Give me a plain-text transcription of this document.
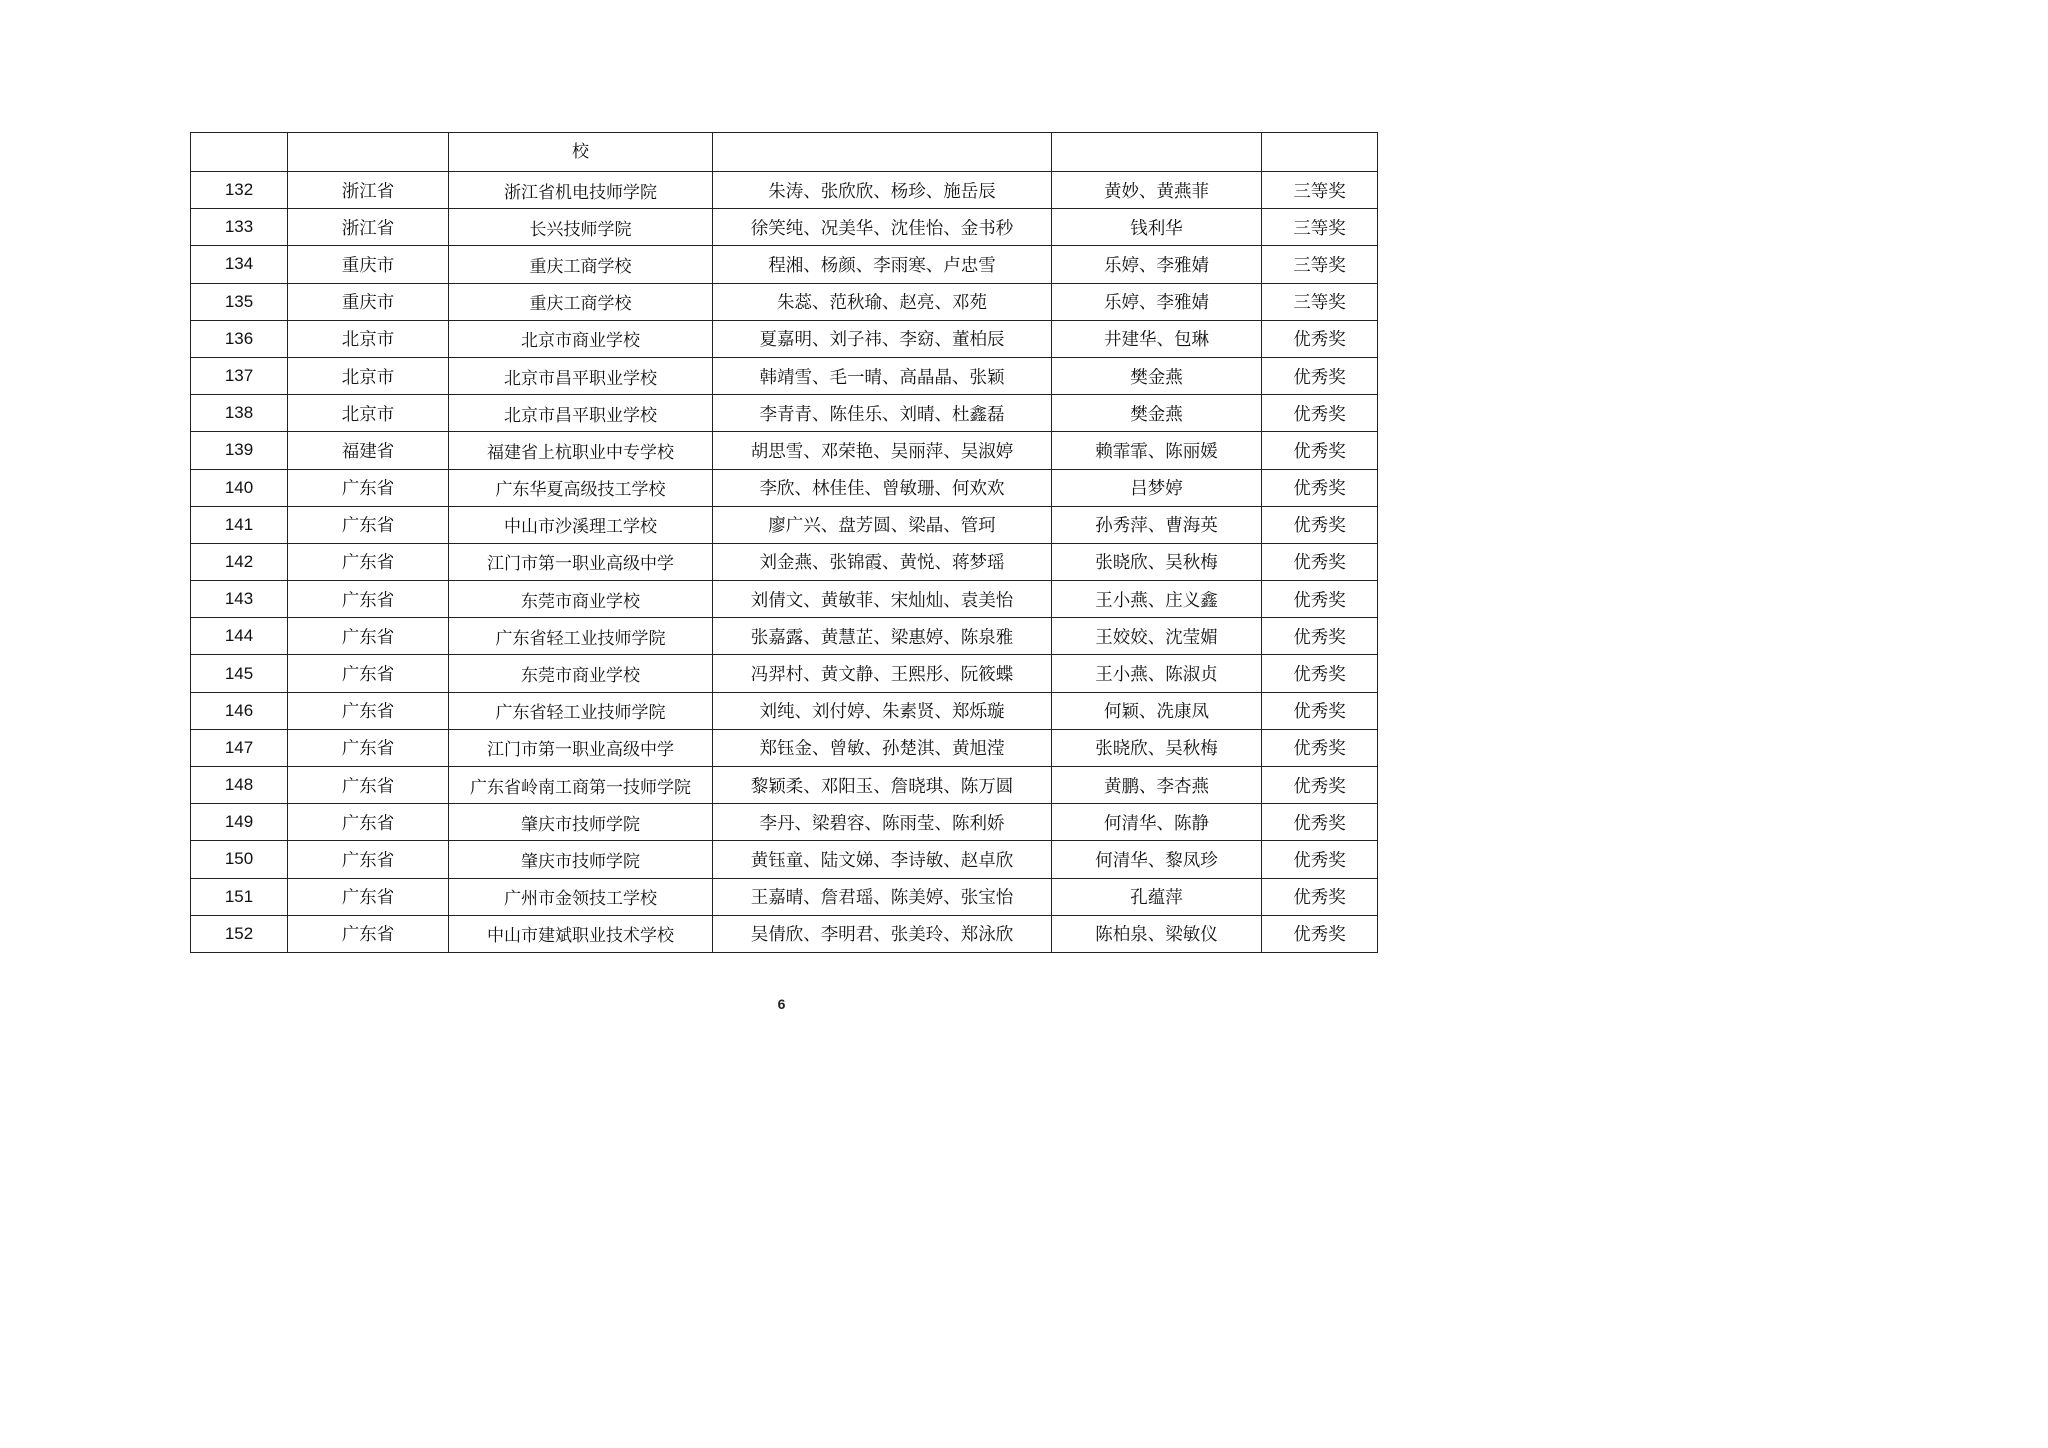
		校			
132	浙江省	浙江省机电技师学院	朱涛、张欣欣、杨珍、施岳辰	黄妙、黄燕菲	三等奖
133	浙江省	长兴技师学院	徐笑纯、况美华、沈佳怡、金书秒	钱利华	三等奖
134	重庆市	重庆工商学校	程湘、杨颜、李雨寒、卢忠雪	乐婷、李雅婧	三等奖
135	重庆市	重庆工商学校	朱蕊、范秋瑜、赵亮、邓苑	乐婷、李雅婧	三等奖
136	北京市	北京市商业学校	夏嘉明、刘子祎、李窈、董柏辰	井建华、包琳	优秀奖
137	北京市	北京市昌平职业学校	韩靖雪、毛一晴、高晶晶、张颖	樊金燕	优秀奖
138	北京市	北京市昌平职业学校	李青青、陈佳乐、刘晴、杜鑫磊	樊金燕	优秀奖
139	福建省	福建省上杭职业中专学校	胡思雪、邓荣艳、吴丽萍、吴淑婷	赖霏霏、陈丽媛	优秀奖
140	广东省	广东华夏高级技工学校	李欣、林佳佳、曾敏珊、何欢欢	吕梦婷	优秀奖
141	广东省	中山市沙溪理工学校	廖广兴、盘芳圆、梁晶、管珂	孙秀萍、曹海英	优秀奖
142	广东省	江门市第一职业高级中学	刘金燕、张锦霞、黄悦、蒋梦瑶	张晓欣、吴秋梅	优秀奖
143	广东省	东莞市商业学校	刘倩文、黄敏菲、宋灿灿、袁美怡	王小燕、庄义鑫	优秀奖
144	广东省	广东省轻工业技师学院	张嘉露、黄慧芷、梁惠婷、陈泉雅	王姣姣、沈莹媚	优秀奖
145	广东省	东莞市商业学校	冯羿村、黄文静、王熙彤、阮筱蝶	王小燕、陈淑贞	优秀奖
146	广东省	广东省轻工业技师学院	刘纯、刘付婷、朱素贤、郑烁璇	何颖、冼康凤	优秀奖
147	广东省	江门市第一职业高级中学	郑钰金、曾敏、孙楚淇、黄旭滢	张晓欣、吴秋梅	优秀奖
148	广东省	广东省岭南工商第一技师学院	黎颖柔、邓阳玉、詹晓琪、陈万圆	黄鹏、李杏燕	优秀奖
149	广东省	肇庆市技师学院	李丹、梁碧容、陈雨莹、陈利娇	何清华、陈静	优秀奖
150	广东省	肇庆市技师学院	黄钰童、陆文娣、李诗敏、赵卓欣	何清华、黎凤珍	优秀奖
151	广东省	广州市金领技工学校	王嘉晴、詹君瑶、陈美婷、张宝怡	孔蕴萍	优秀奖
152	广东省	中山市建斌职业技术学校	吴倩欣、李明君、张美玲、郑泳欣	陈柏泉、梁敏仪	优秀奖
6
